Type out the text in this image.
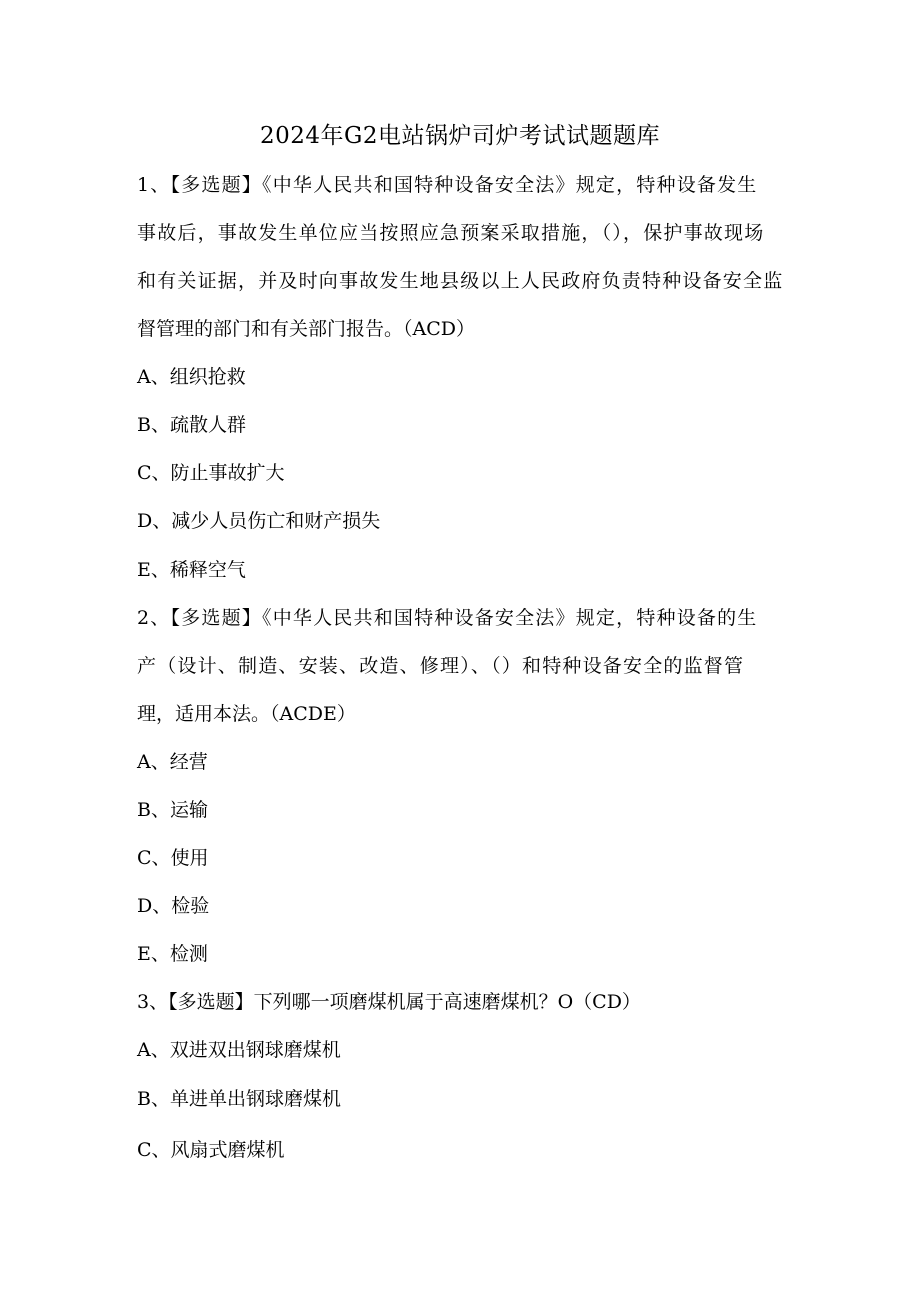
2024年G2电站锅炉司炉考试试题题库
1、【多选题】《中华人民共和国特种设备安全法》规定，特种设备发生
事故后，事故发生单位应当按照应急预案采取措施，（），保护事故现场
和有关证据，并及时向事故发生地县级以上人民政府负责特种设备安全监
督管理的部门和有关部门报告。（ACD）
A、组织抢救
B、疏散人群
C、防止事故扩大
D、减少人员伤亡和财产损失
E、稀释空气
2、【多选题】《中华人民共和国特种设备安全法》规定，特种设备的生
产（设计、制造、安装、改造、修理）、（）和特种设备安全的监督管
理，适用本法。（ACDE）
A、经营
B、运输
C、使用
D、检验
E、检测
3、【多选题】下列哪一项磨煤机属于高速磨煤机？O（CD）
A、双进双出钢球磨煤机
B、单进单出钢球磨煤机
C、风扇式磨煤机
